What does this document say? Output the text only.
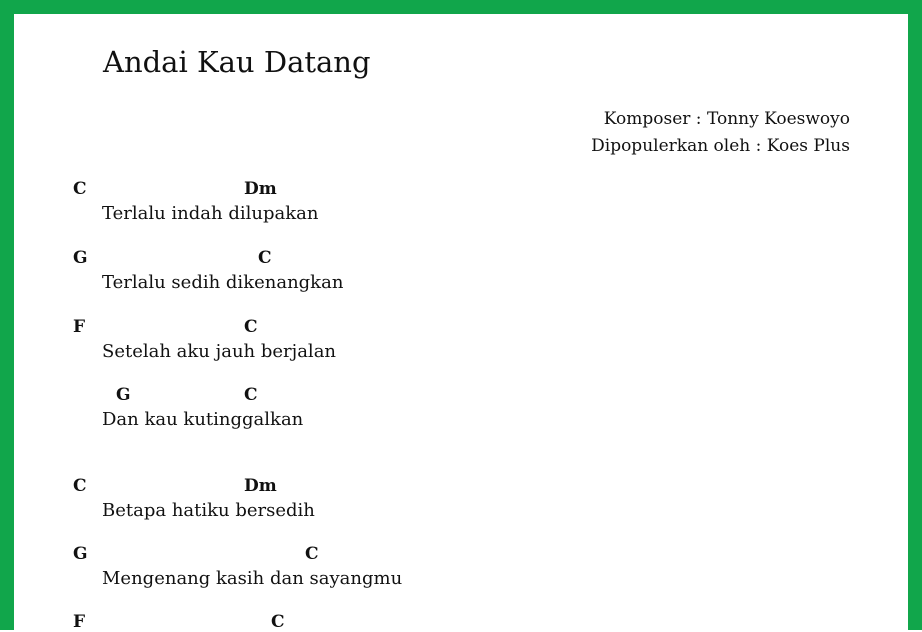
Andai Kau Datang
Komposer : Tonny Koeswoyo
Dipopulerkan oleh : Koes Plus
C	Dm
Terlalu indah dilupakan
G	C
Terlalu sedih dikenangkan
F	C
Setelah aku jauh berjalan
G	C
Dan kau kutinggalkan
C	Dm
Betapa hatiku bersedih
G	C
Mengenang kasih dan sayangmu
F	C
